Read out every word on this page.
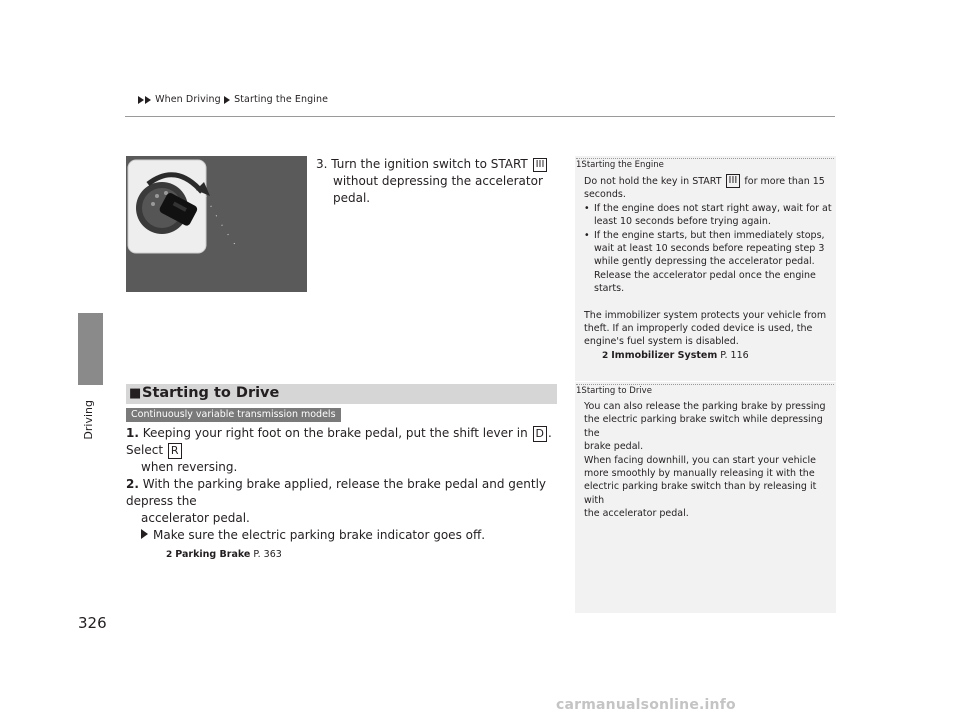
When Driving Starting the Engine
Driving
326
3. Turn the ignition switch to START III
without depressing the accelerator pedal.
■ Starting to Drive
Continuously variable transmission models
1. Keeping your right foot on the brake pedal, put the shift lever in D . Select R
when reversing.
2. With the parking brake applied, release the brake pedal and gently depress the
accelerator pedal.
Make sure the electric parking brake indicator goes off.
2 Parking Brake P. 363
1Starting the Engine
Do not hold the key in START III for more than 15
seconds.
• If the engine does not start right away, wait for at
least 10 seconds before trying again.
• If the engine starts, but then immediately stops,
wait at least 10 seconds before repeating step 3
while gently depressing the accelerator pedal.
Release the accelerator pedal once the engine
starts.
The immobilizer system protects your vehicle from
theft. If an improperly coded device is used, the
engine's fuel system is disabled.
2 Immobilizer System P. 116
1Starting to Drive
You can also release the parking brake by pressing
the electric parking brake switch while depressing the
brake pedal.
When facing downhill, you can start your vehicle
more smoothly by manually releasing it with the
electric parking brake switch than by releasing it with
the accelerator pedal.
carmanualsonline.info
